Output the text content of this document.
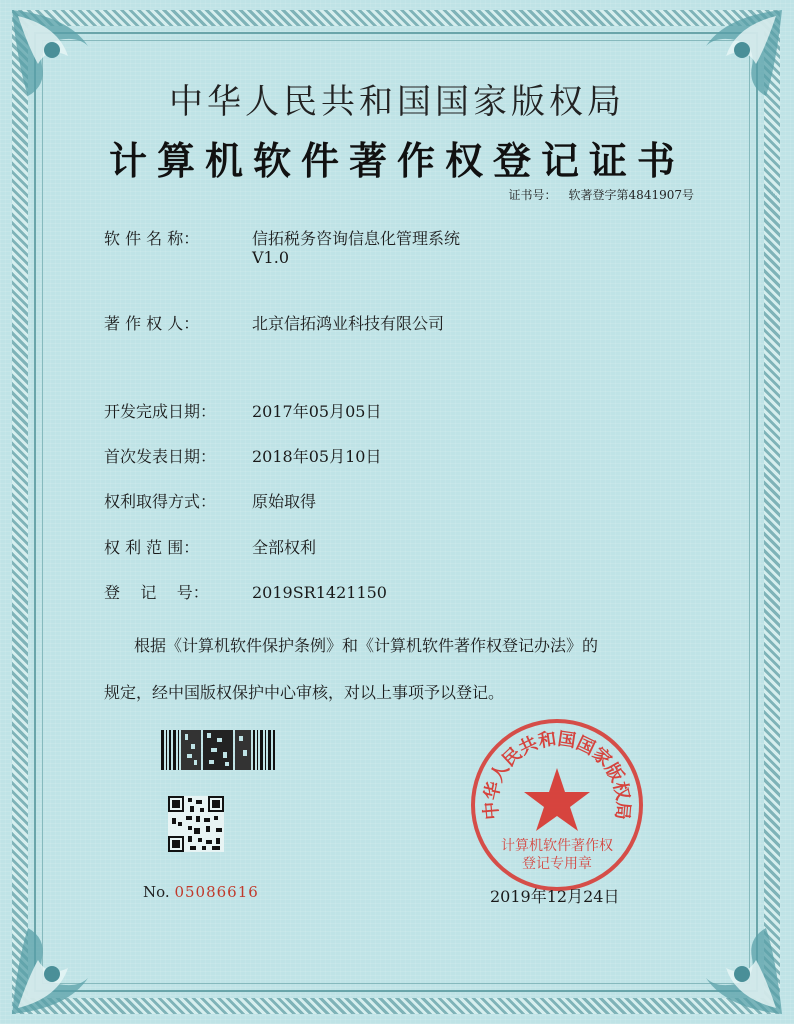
中华人民共和国国家版权局
计算机软件著作权登记证书
证书号： 软著登字第4841907号
软 件 名 称：	信拓税务咨询信息化管理系统
V1.0
著 作 权 人：	北京信拓鸿业科技有限公司
开发完成日期： 2017年05月05日
首次发表日期： 2018年05月10日
权利取得方式： 原始取得
权 利 范 围：	全部权利
登    记    号：	2019SR1421150
根据《计算机软件保护条例》和《计算机软件著作权登记办法》的
规定，经中国版权保护中心审核，对以上事项予以登记。
No. 05086616
中华人民共和国国家版权局
计算机软件著作权
登记专用章
2019年12月24日
